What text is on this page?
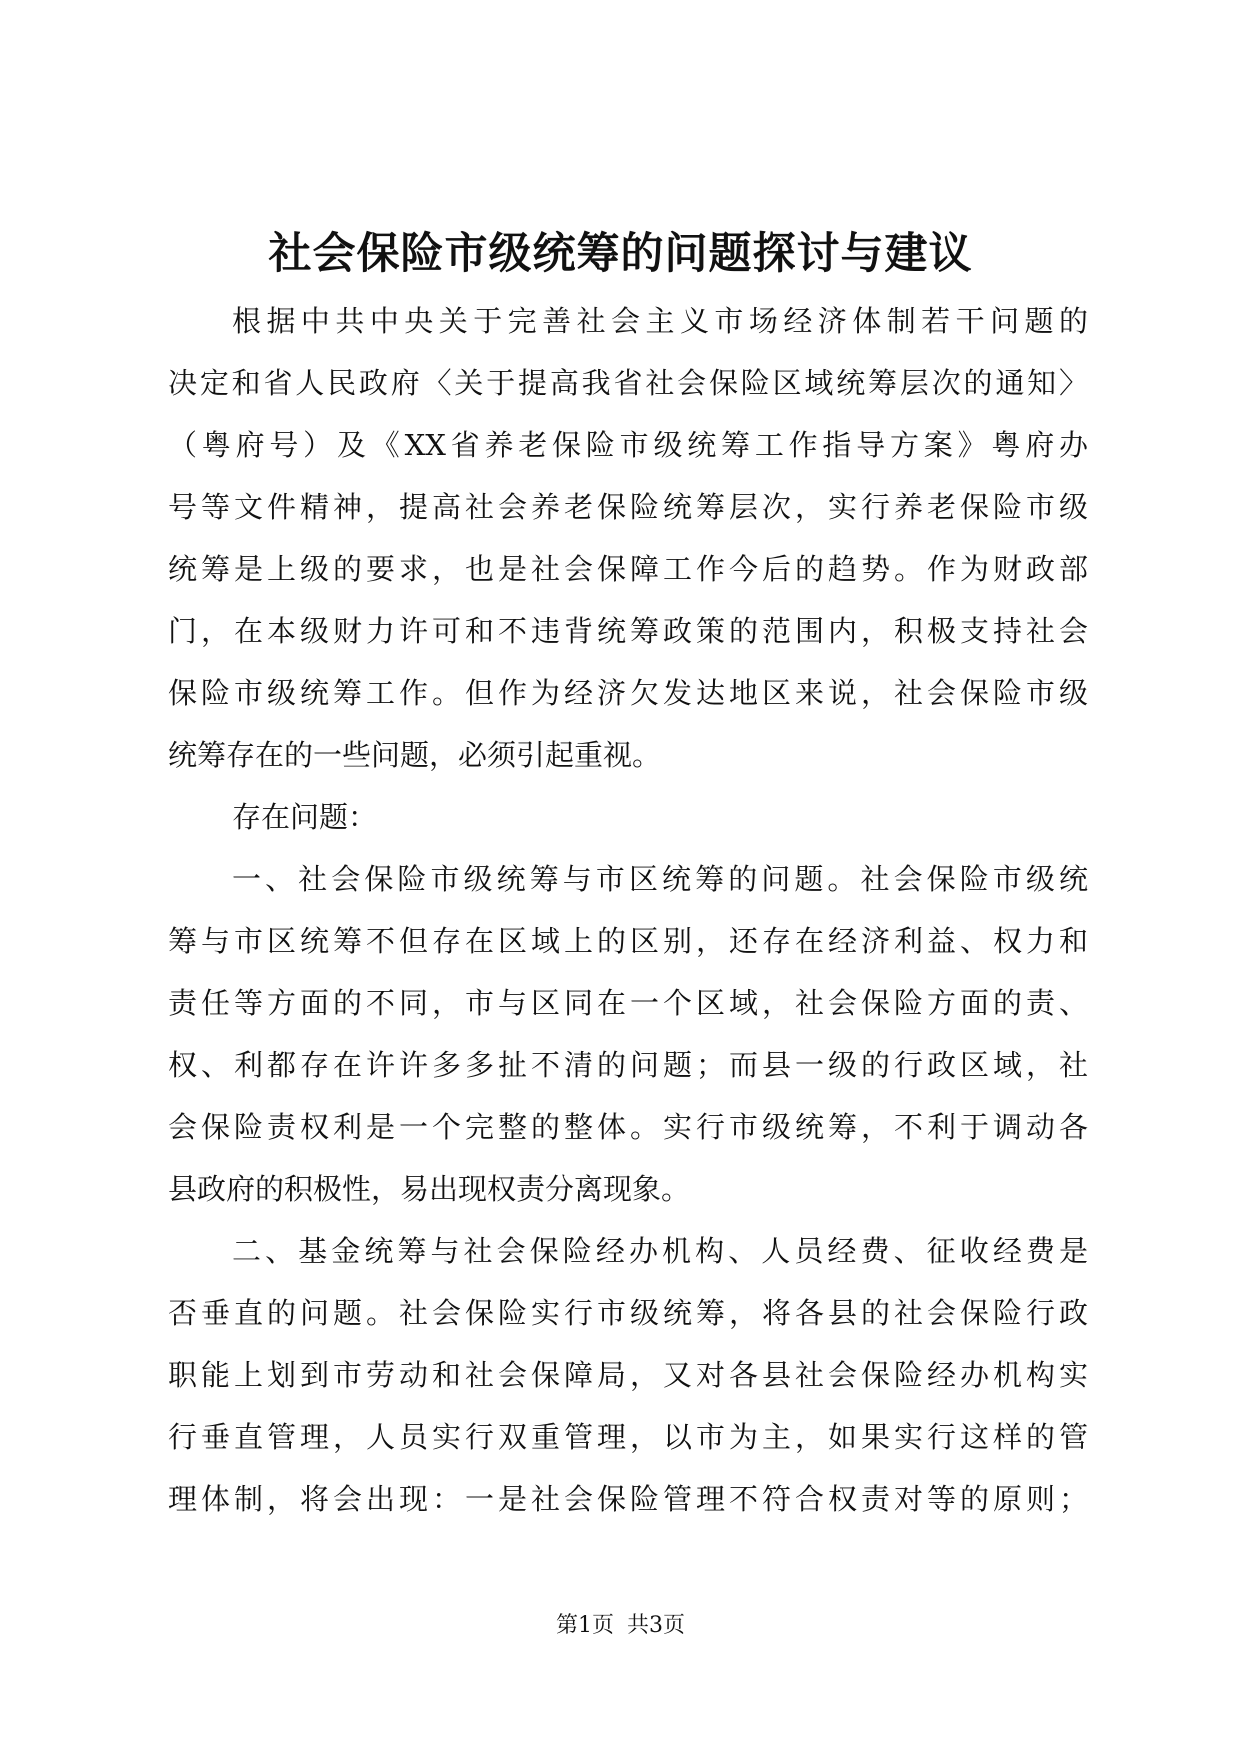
社会保险市级统筹的问题探讨与建议

根据中共中央关于完善社会主义市场经济体制若干问题的

决定和省人民政府〈关于提高我省社会保险区域统筹层次的通知〉

（粤府号）及《XX省养老保险市级统筹工作指导方案》粤府办

号等文件精神，提高社会养老保险统筹层次，实行养老保险市级

统筹是上级的要求，也是社会保障工作今后的趋势。作为财政部

门，在本级财力许可和不违背统筹政策的范围内，积极支持社会

保险市级统筹工作。但作为经济欠发达地区来说，社会保险市级

统筹存在的一些问题，必须引起重视。

存在问题：

一、社会保险市级统筹与市区统筹的问题。社会保险市级统

筹与市区统筹不但存在区域上的区别，还存在经济利益、权力和

责任等方面的不同，市与区同在一个区域，社会保险方面的责、

权、利都存在许许多多扯不清的问题；而县一级的行政区域，社

会保险责权利是一个完整的整体。实行市级统筹，不利于调动各

县政府的积极性，易出现权责分离现象。

二、基金统筹与社会保险经办机构、人员经费、征收经费是

否垂直的问题。社会保险实行市级统筹，将各县的社会保险行政

职能上划到市劳动和社会保障局，又对各县社会保险经办机构实

行垂直管理，人员实行双重管理，以市为主，如果实行这样的管

理体制，将会出现：一是社会保险管理不符合权责对等的原则；

第1页 共3页
